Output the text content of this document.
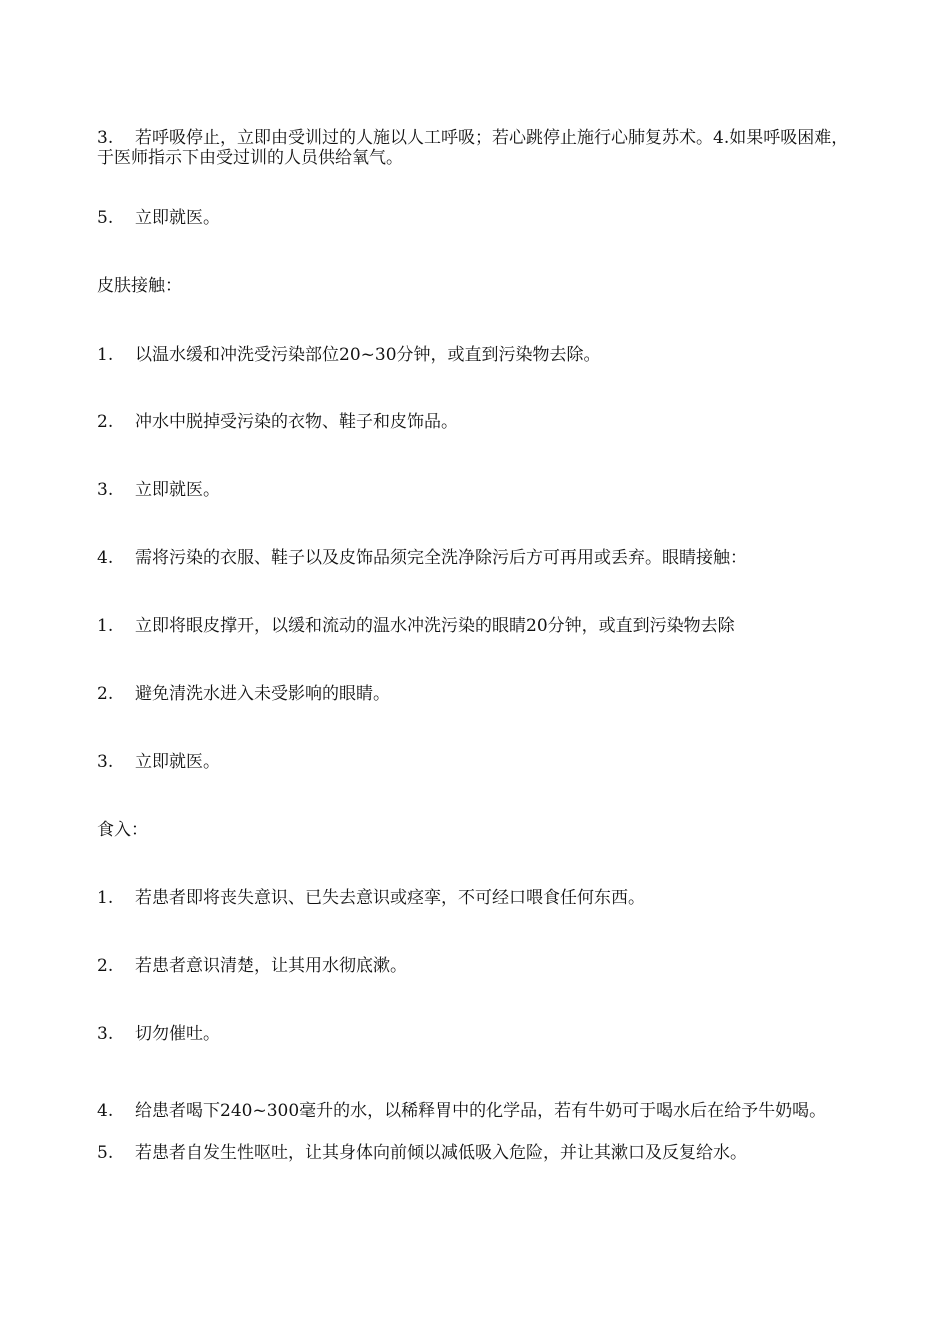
3. 若呼吸停止，立即由受训过的人施以人工呼吸；若心跳停止施行心肺复苏术。4.如果呼吸困难，于医师指示下由受过训的人员供给氧气。
5. 立即就医。
皮肤接触：
1. 以温水缓和冲洗受污染部位20~30分钟，或直到污染物去除。
2. 冲水中脱掉受污染的衣物、鞋子和皮饰品。
3. 立即就医。
4. 需将污染的衣服、鞋子以及皮饰品须完全洗净除污后方可再用或丢弃。眼睛接触：
1. 立即将眼皮撑开，以缓和流动的温水冲洗污染的眼睛20分钟，或直到污染物去除
2. 避免清洗水进入未受影响的眼睛。
3. 立即就医。
食入：
1. 若患者即将丧失意识、已失去意识或痉挛，不可经口喂食任何东西。
2. 若患者意识清楚，让其用水彻底漱。
3. 切勿催吐。
4. 给患者喝下240~300毫升的水，以稀释胃中的化学品，若有牛奶可于喝水后在给予牛奶喝。
5. 若患者自发生性呕吐，让其身体向前倾以减低吸入危险，并让其漱口及反复给水。
